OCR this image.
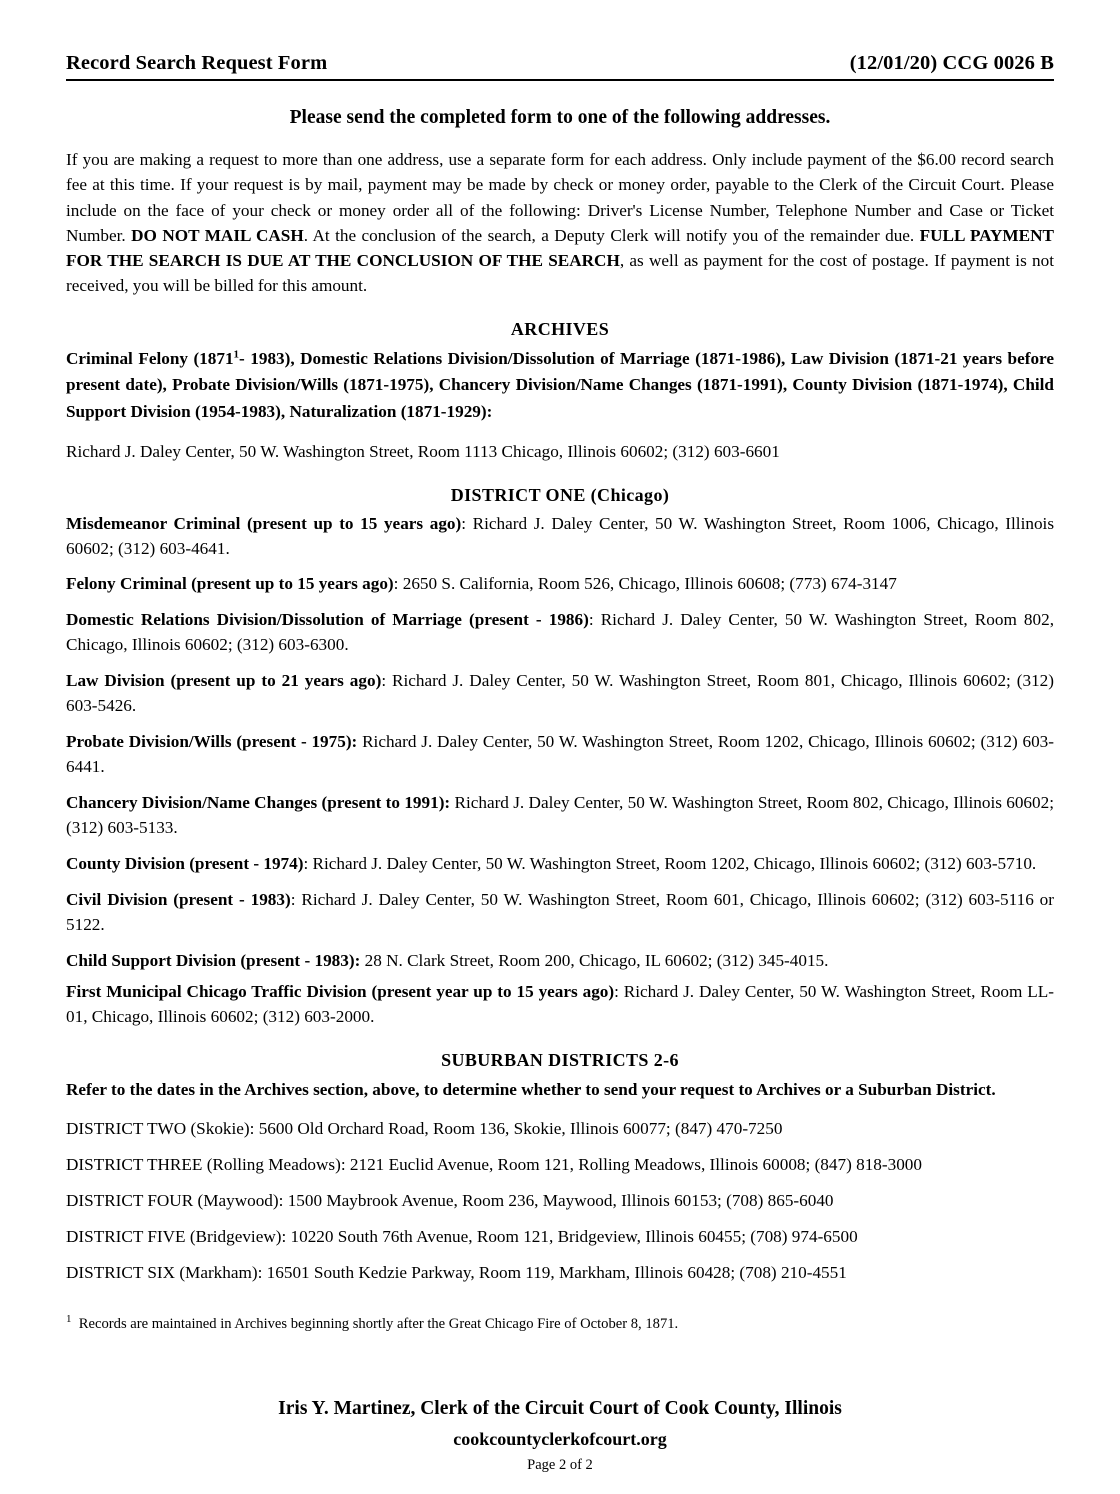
Record Search Request Form	(12/01/20) CCG 0026 B
Please send the completed form to one of the following addresses.

If you are making a request to more than one address, use a separate form for each address. Only include payment of the $6.00 record search fee at this time. If your request is by mail, payment may be made by check or money order, payable to the Clerk of the Circuit Court. Please include on the face of your check or money order all of the following: Driver's License Number, Telephone Number and Case or Ticket Number. DO NOT MAIL CASH. At the conclusion of the search, a Deputy Clerk will notify you of the remainder due. FULL PAYMENT FOR THE SEARCH IS DUE AT THE CONCLUSION OF THE SEARCH, as well as payment for the cost of postage. If payment is not received, you will be billed for this amount.

ARCHIVES

Criminal Felony (1871$^1$- 1983), Domestic Relations Division/Dissolution of Marriage (1871-1986), Law Division (1871-21 years before present date), Probate Division/Wills (1871-1975), Chancery Division/Name Changes (1871-1991), County Division (1871-1974), Child Support Division (1954-1983), Naturalization (1871-1929):

Richard J. Daley Center, 50 W. Washington Street, Room 1113 Chicago, Illinois 60602; (312) 603-6601

DISTRICT ONE (Chicago)

Misdemeanor Criminal (present up to 15 years ago): Richard J. Daley Center, 50 W. Washington Street, Room 1006, Chicago, Illinois 60602; (312) 603-4641.

Felony Criminal (present up to 15 years ago): 2650 S. California, Room 526, Chicago, Illinois 60608; (773) 674-3147

Domestic Relations Division/Dissolution of Marriage (present - 1986): Richard J. Daley Center, 50 W. Washington Street, Room 802, Chicago, Illinois 60602; (312) 603-6300.

Law Division (present up to 21 years ago): Richard J. Daley Center, 50 W. Washington Street, Room 801, Chicago, Illinois 60602; (312) 603-5426.

Probate Division/Wills (present - 1975): Richard J. Daley Center, 50 W. Washington Street, Room 1202, Chicago, Illinois 60602; (312) 603-6441.

Chancery Division/Name Changes (present to 1991): Richard J. Daley Center, 50 W. Washington Street, Room 802, Chicago, Illinois 60602; (312) 603-5133.

County Division (present - 1974): Richard J. Daley Center, 50 W. Washington Street, Room 1202, Chicago, Illinois 60602; (312) 603-5710.

Civil Division (present - 1983): Richard J. Daley Center, 50 W. Washington Street, Room 601, Chicago, Illinois 60602; (312) 603-5116 or 5122.

Child Support Division (present - 1983): 28 N. Clark Street, Room 200, Chicago, IL 60602; (312) 345-4015.

First Municipal Chicago Traffic Division (present year up to 15 years ago): Richard J. Daley Center, 50 W. Washington Street, Room LL-01, Chicago, Illinois 60602; (312) 603-2000.

SUBURBAN DISTRICTS 2-6

Refer to the dates in the Archives section, above, to determine whether to send your request to Archives or a Suburban District.

DISTRICT TWO (Skokie): 5600 Old Orchard Road, Room 136, Skokie, Illinois 60077; (847) 470-7250

DISTRICT THREE (Rolling Meadows): 2121 Euclid Avenue, Room 121, Rolling Meadows, Illinois 60008; (847) 818-3000

DISTRICT FOUR (Maywood): 1500 Maybrook Avenue, Room 236, Maywood, Illinois 60153; (708) 865-6040

DISTRICT FIVE (Bridgeview): 10220 South 76th Avenue, Room 121, Bridgeview, Illinois 60455; (708) 974-6500

DISTRICT SIX (Markham): 16501 South Kedzie Parkway, Room 119, Markham, Illinois 60428; (708) 210-4551

$^1$ Records are maintained in Archives beginning shortly after the Great Chicago Fire of October 8, 1871.

Iris Y. Martinez, Clerk of the Circuit Court of Cook County, Illinois
cookcountyclerkofcourt.org
Page 2 of 2
